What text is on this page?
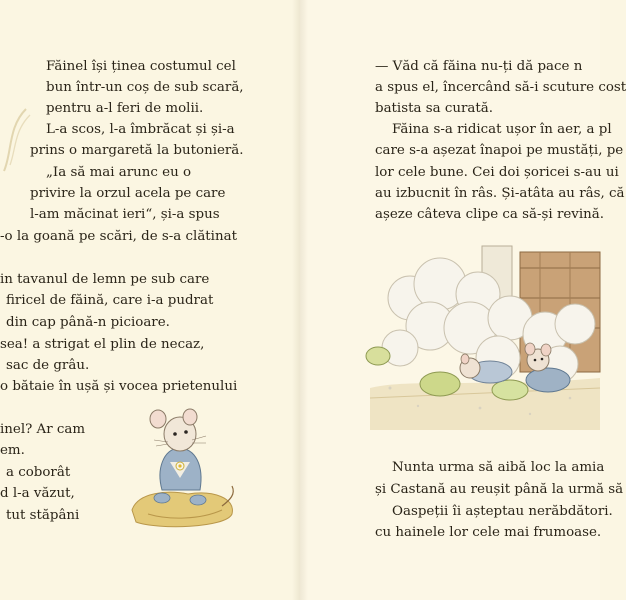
Făinel își ținea costumul cel
bun într-un coș de sub scară,
pentru a-l feri de molii.
L-a scos, l-a îmbrăcat și și-a
prins o margaretă la butonieră.
„Ia să mai arunc eu o
privire la orzul acela pe care
l-am măcinat ieri“, și-a spus
-o la goană pe scări, de s-a clătinat
in tavanul de lemn pe sub care
firicel de făină, care i-a pudrat
din cap până-n picioare.
sea! a strigat el plin de necaz,
sac de grâu.
o bătaie în ușă și vocea prietenului
inel? Ar cam
em.
a coborât
d l-a văzut,
tut stăpâni
— Văd că făina nu-ți dă pace n
a spus el, încercând să-i scuture cost
batista sa curată.
Făina s-a ridicat ușor în aer, a pl
care s-a așezat înapoi pe mustăți, pe
lor cele bune. Cei doi șoricei s-au ui
au izbucnit în râs. Și-atâta au râs, că
așeze câteva clipe ca să-și revină.
Nunta urma să aibă loc la amia
și Castană au reușit până la urmă să
Oaspeții îi așteptau nerăbdători.
cu hainele lor cele mai frumoase.
